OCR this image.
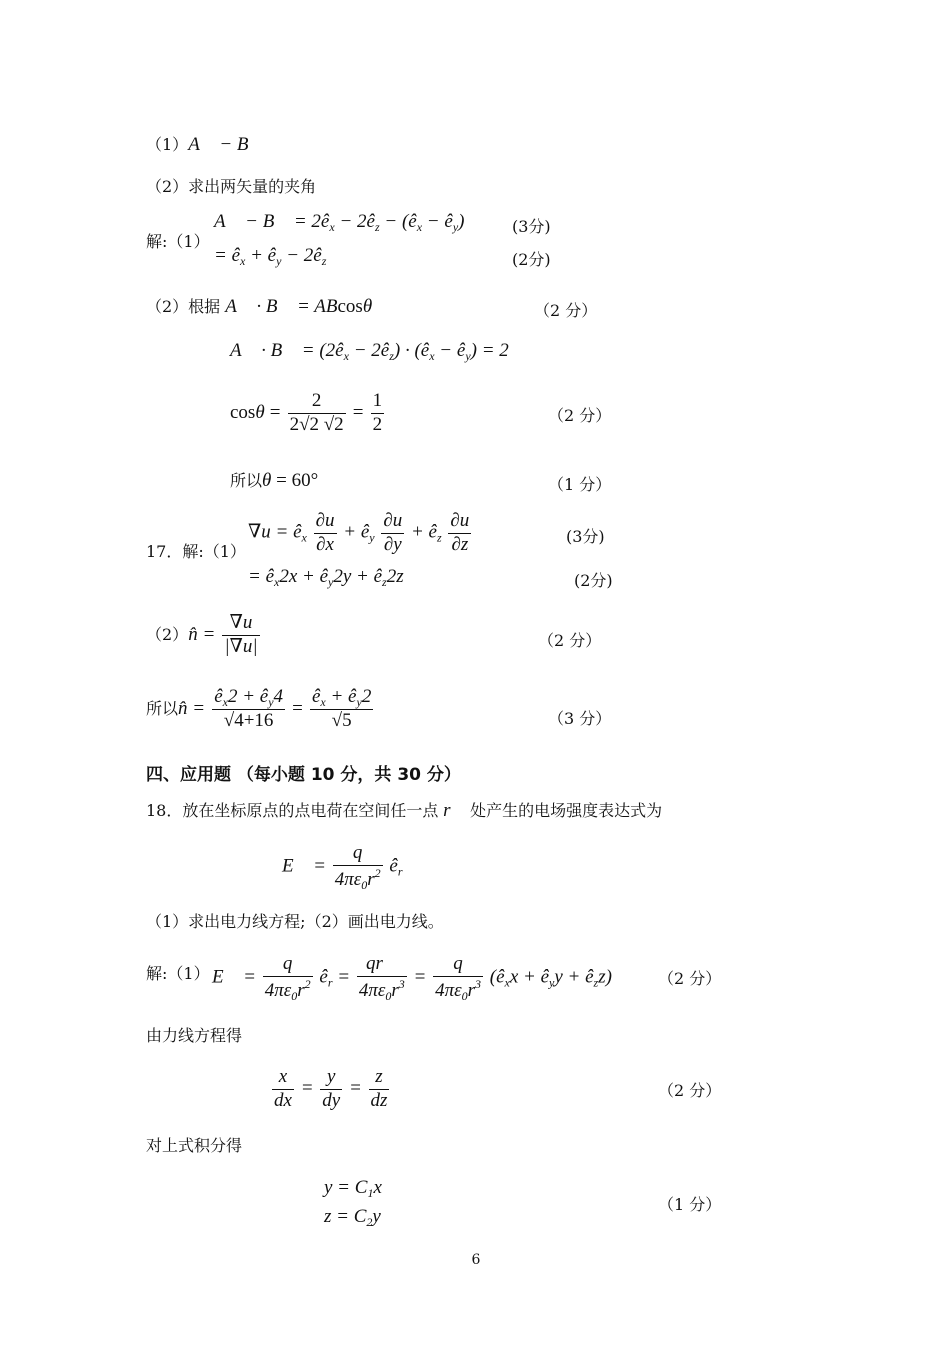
（1）A⃗ − B⃗
（2）求出两矢量的夹角
解:（1）
A⃗ − B⃗ = $2ê_x$ − $2ê_z$ − ($ê_x$ − $ê_y$)
= $ê_x$ + $ê_y$ − $2ê_z$
(3分)
(2分)
（2）根据 A⃗ · B⃗ = ABcosθ	（2 分）
A⃗ · B⃗ = ($2ê_x$ − $2ê_z$) · ($ê_x$ − $ê_y) = 2$
$\cos\theta = \frac{2}{2√2 √2} = \frac{1}{2}$	（2 分）
所以θ = 60°	（1 分）
17．解:（1）
$\nabla u = ê_x \frac{\partial u}{\partial x}$ + $ê_y \frac{\partial u}{\partial y}$ + $ê_z \frac{\partial u}{\partial z}$
= $ê_x2x$ + $ê_y2y$ + $ê_z2z$
(3分)
(2分)
（2）n̂ = $\frac{\nabla u}{|\nabla u|}$	（2 分）
所以n̂ = $\frac{ê_x2 + ê_y4}{√4+16} = \frac{ê_x + ê_y2}{√5}$	（3 分）
四、应用题 （每小题 10 分，共 30 分）
18．放在坐标原点的点电荷在空间任一点 r⃗ 处产生的电场强度表达式为
E⃗ = $\frac{q}{4\pi\varepsilon_0r^2}$ $ê_r$
（1）求出电力线方程;（2）画出电力线。
解:（1） E⃗ = $\frac{q}{4\pi\varepsilon_0r^2}$ $ê_r = \frac{qr⃗}{4\pi\varepsilon_0r^3} = \frac{q}{4\pi\varepsilon_0r^3}$ ($ê_xx$ + $ê_yy$ + $ê_zz$)	（2 分）
由力线方程得
$\frac{x}{dx} = \frac{y}{dy} = \frac{z}{dz}$	（2 分）
对上式积分得
$y = C_1x$
$z = C_2y$
（1 分）
6
